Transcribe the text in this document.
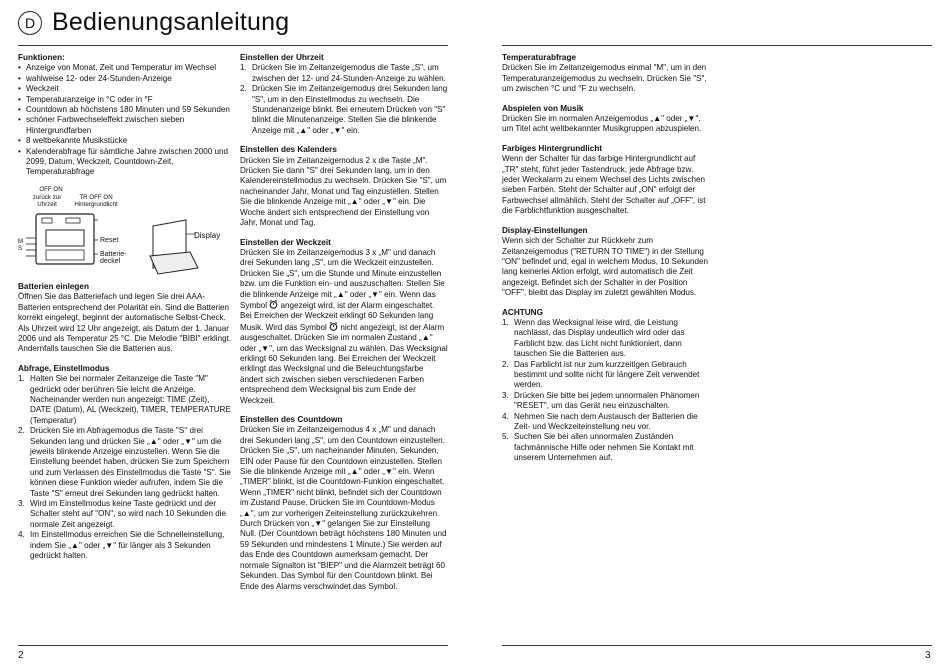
D Bedienungsanleitung
Funktionen:
• Anzeige von Monat, Zeit und Temperatur im Wechsel
• wahlweise 12- oder 24-Stunden-Anzeige
• Weckzeit
• Temperaturanzeige in °C oder in °F
• Countdown ab höchstens 180 Minuten und 59 Sekunden
• schöner Farbwechseleffekt zwischen sieben Hintergrundfarben
• 8 weltbekannte Musikstücke
• Kalenderabfrage für sämtliche Jahre zwischen 2000 und 2099, Datum, Weckzeit, Countdown-Zeit, Temperaturabfrage
OFF ON
zurück zur Uhrzeit
TR OFF ON
Hintergrundlicht
M S
Reset
Batterie-deckel
Display
Batterien einlegen

Öffnen Sie das Batteriefach und legen Sie drei AAA-Batterien entsprechend der Polarität ein. Sind die Batterien korrekt eingelegt, beginnt der automatische Selbst-Check. Als Uhrzeit wird 12 Uhr angezeigt, als Datum der 1. Januar 2006 und als Temperatur 25 °C. Die Melodie "BIBI" erklingt. Andernfalls tauschen Sie die Batterien aus.

Abfrage, Einstellmodus
1. Halten Sie bei normaler Zeitanzeige die Taste "M" gedrückt oder berühren Sie leicht die Anzeige. Nacheinander werden nun angezeigt: TIME (Zeit), DATE (Datum), AL (Weckzeit), TIMER, TEMPERATURE (Temperatur)
2. Drücken Sie im Abfragemodus die Taste "S" drei Sekunden lang und drücken Sie „▲" oder „▼" um die jeweils blinkende Anzeige einzustellen. Wenn Sie die Einstellung beendet haben, drücken Sie zum Speichern und zum Verlassen des Einstellmodus die Taste "S". Sie können diese Funktion wieder aufrufen, indem Sie die Taste "S" erneut drei Sekunden lang gedrückt halten.
3. Wird im Einstellmodus keine Taste gedrückt und der Schalter steht auf "ON", so wird nach 10 Sekunden die normale Zeit angezeigt.
4. Im Einstellmodus erreichen Sie die Schnelleinstellung, indem Sie „▲" oder „▼" für länger als 3 Sekunden gedrückt halten.
Einstellen der Uhrzeit
1. Drücken Sie im Zeitanzeigemodus die Taste „S", um zwischen der 12- und 24-Stunden-Anzeige zu wählen.
2. Drücken Sie im Zeitanzeigemodus drei Sekunden lang "S", um in den Einstellmodus zu wechseln. Die Stundenanzeige blinkt. Bei erneutem Drücken von "S" blinkt die Minutenanzeige. Stellen Sie die blinkende Anzeige mit „▲" oder „▼" ein.
Einstellen des Kalenders

Drücken Sie im Zeitanzeigemodus 2 x die Taste „M". Drücken Sie dann "S" drei Sekunden lang, um in den Kalendereinstellmodus zu wechseln. Drücken Sie "S", um nacheinander Jahr, Monat und Tag einzustellen. Stellen Sie die blinkende Anzeige mit „▲" oder „▼" ein. Die Woche ändert sich entsprechend der Einstellung von Jahr, Monat und Tag.

Einstellen der Weckzeit

Drücken Sie im Zeitanzeigemodus 3 x „M" und danach drei Sekunden lang „S", um die Weckzeit einzustellen. Drücken Sie „S", um die Stunde und Minute einzustellen bzw. um die Funktion ein- und auszuschalten. Stellen Sie die blinkende Anzeige mit „▲" oder „▼" ein. Wenn das Symbol angezeigt wird, ist der Alarm eingeschaltet. Bei Erreichen der Weckzeit erklingt 60 Sekunden lang Musik. Wird das Symbol nicht angezeigt, ist der Alarm ausgeschaltet. Drücken Sie im normalen Zustand „▲" oder „▼", um das Wecksignal zu wählen. Das Wecksignal erklingt 60 Sekunden lang. Bei Erreichen der Weckzeit erklingt das Wecksignal und die Beleuchtungsfarbe ändert sich zwischen sieben verschiedenen Farben entsprechend dem Wecksignal bis zum Ende der Weckzeit.

Einstellen des Countdown

Drücken Sie im Zeitanzeigemodus 4 x „M" und danach drei Sekunden lang „S", um den Countdown einzustellen. Drücken Sie „S", um nacheinander Minuten, Sekunden, EIN oder Pause für den Countdown einzustellen. Stellen Sie die blinkende Anzeige mit „▲" oder „▼" ein. Wenn „TIMER" blinkt, ist die Countdown-Funkion eingeschaltet. Wenn „TIMER" nicht blinkt, befindet sich der Countdown im Zustand Pause. Drücken Sie im Countdown-Modus „▲", um zur vorherigen Zeiteinstellung zurückzukehren. Durch Drücken von „▼" gelangen Sie zur Einstellung Null. (Der Countdown beträgt höchstens 180 Minuten und 59 Sekunden und mindestens 1 Minute.) Sie werden auf das Ende des Countdown aumerksam gemacht. Der normale Signalton ist "BIEP" und die Alarmzeit beträgt 60 Sekunden. Das Symbol für den Countdown blinkt. Bei Ende des Alarms verschwindet das Symbol.

Temperaturabfrage

Drücken Sie im Zeitanzeigemodus einmal "M", um in den Temperaturanzeigemodus zu wechseln. Drücken Sie "S", um zwischen °C und °F zu wechseln.

Abspielen von Musik

Drücken Sie im normalen Anzeigemodus „▲" oder „▼", um Titel acht weltbekannter Musikgruppen abzuspielen.

Farbiges Hintergrundlicht

Wenn der Schalter für das farbige Hintergrundlicht auf „TR" steht, führt jeder Tastendruck, jede Abfrage bzw. jeder Weckalarm zu einem Wechsel des Lichts zwischen sieben Farben. Steht der Schalter auf „ON" erfolgt der Farbwechsel allmählich. Steht der Schalter auf „OFF", ist die Farblichtfunktion ausgeschaltet.

Display-Einstellungen

Wenn sich der Schalter zur Rückkehr zum Zeitanzeigemodus ("RETURN TO TIME") in der Stellung "ON" befindet und, egal in welchem Modus, 10 Sekunden lang keinerlei Aktion erfolgt, wird automatisch die Zeit angezeigt. Befindet sich der Schalter in der Position "OFF", bleibt das Display im zuletzt gewählten Modus.

ACHTUNG
1. Wenn das Wecksignal leise wird, die Leistung nachlässt, das Display undeutlich wird oder das Farblicht bzw. das Licht nicht funktioniert, dann tauschen Sie die Batterien aus.
2. Das Farblicht ist nur zum kurzzeitigen Gebrauch bestimmt und sollte nicht für längere Zeit verwendet werden.
3. Drücken Sie bitte bei jedem unnormalen Phänomen "RESET", um das Gerät neu einzuschalten.
4. Nehmen Sie nach dem Austausch der Batterien die Zeit- und Weckzeiteinstellung neu vor.
5. Suchen Sie bei allen unnormalen Zuständen fachmännische Hilfe oder nehmen Sie Kontakt mit unserem Unternehmen auf.
2	3
